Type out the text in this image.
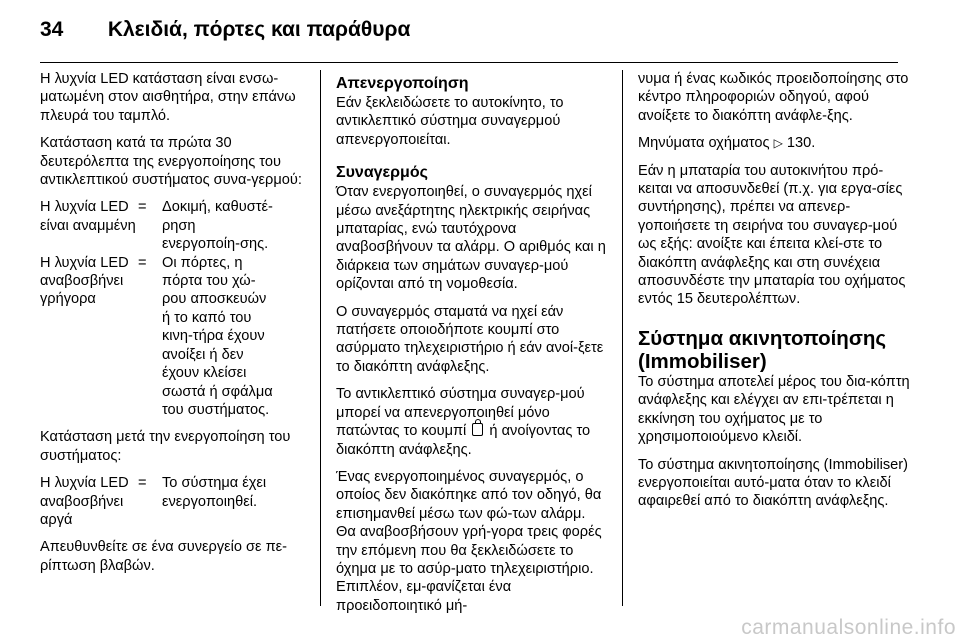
34 Κλειδιά, πόρτες και παράθυρα

Η λυχνία LED κατάσταση είναι ενσω-ματωμένη στον αισθητήρα, στην επάνω πλευρά του ταμπλό.

Κατάσταση κατά τα πρώτα 30 δευτερόλεπτα της ενεργοποίησης του αντικλεπτικού συστήματος συνα-γερμού:

Η λυχνία LED είναι αναμμένη
=	Δοκιμή, καθυστέ-ρηση ενεργοποίη-σης.
Η λυχνία LED αναβοσβήνει γρήγορα
=	Οι πόρτες, η πόρτα του χώ-ρου αποσκευών ή το καπό του κινη-τήρα έχουν ανοίξει ή δεν έχουν κλείσει σωστά ή σφάλμα του συστήματος.

Κατάσταση μετά την ενεργοποίηση του συστήματος:

Η λυχνία LED αναβοσβήνει αργά
=	Το σύστημα έχει ενεργοποιηθεί.

Απευθυνθείτε σε ένα συνεργείο σε πε-ρίπτωση βλαβών.

Απενεργοποίηση

Εάν ξεκλειδώσετε το αυτοκίνητο, το αντικλεπτικό σύστημα συναγερμού απενεργοποιείται.

Συναγερμός

Όταν ενεργοποιηθεί, ο συναγερμός ηχεί μέσω ανεξάρτητης ηλεκτρικής σειρήνας μπαταρίας, ενώ ταυτόχρονα αναβοσβήνουν τα αλάρμ. Ο αριθμός και η διάρκεια των σημάτων συναγερ-μού ορίζονται από τη νομοθεσία.

Ο συναγερμός σταματά να ηχεί εάν πατήσετε οποιοδήποτε κουμπί στο ασύρματο τηλεχειριστήριο ή εάν ανοί-ξετε το διακόπτη ανάφλεξης.

Το αντικλεπτικό σύστημα συναγερ-μού μπορεί να απενεργοποιηθεί μόνο πατώντας το κουμπί ή ανοίγοντας το διακόπτη ανάφλεξης.

Ένας ενεργοποιημένος συναγερμός, ο οποίος δεν διακόπηκε από τον οδηγό, θα επισημανθεί μέσω των φώ-των αλάρμ. Θα αναβοσβήσουν γρή-γορα τρεις φορές την επόμενη που θα ξεκλειδώσετε το όχημα με το ασύρ-ματο τηλεχειριστήριο. Επιπλέον, εμ-φανίζεται ένα προειδοποιητικό μή-

νυμα ή ένας κωδικός προειδοποίησης στο κέντρο πληροφοριών οδηγού, αφού ανοίξετε το διακόπτη ανάφλε-ξης.

Μηνύματα οχήματος ▷ 130.

Εάν η μπαταρία του αυτοκινήτου πρό-κειται να αποσυνδεθεί (π.χ. για εργα-σίες συντήρησης), πρέπει να απενερ-γοποιήσετε τη σειρήνα του συναγερ-μού ως εξής: ανοίξτε και έπειτα κλεί-στε το διακόπτη ανάφλεξης και στη συνέχεια αποσυνδέστε την μπαταρία του οχήματος εντός 15 δευτερολέπτων.

Σύστημα ακινητοποίησης (Immobiliser)

Το σύστημα αποτελεί μέρος του δια-κόπτη ανάφλεξης και ελέγχει αν επι-τρέπεται η εκκίνηση του οχήματος με το χρησιμοποιούμενο κλειδί.

Το σύστημα ακινητοποίησης (Immobiliser) ενεργοποιείται αυτό-ματα όταν το κλειδί αφαιρεθεί από το διακόπτη ανάφλεξης.

carmanualsonline.info
